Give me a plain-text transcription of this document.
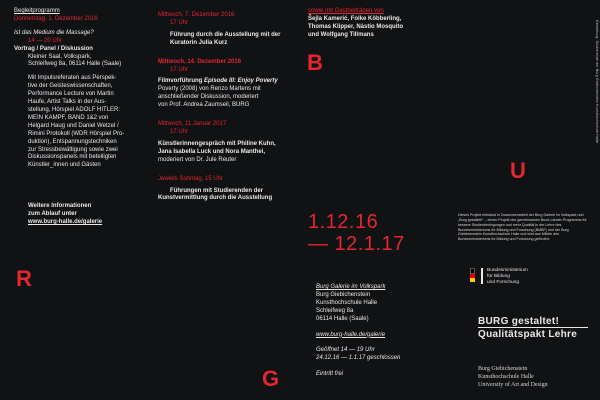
Begleitprogramm
Donnerstag, 1. Dezember 2016
Ist das Medium die Massage?
14 — 20 Uhr
Vortrag / Panel / Diskussion
Kleiner Saal, Volkspark,
Schleifweg 8a, 06114 Halle (Saale)
Mit Impulsreferaten aus Perspek-
tive der Geisteswissenschaften,
Performance Lecture von Martin
Haufe, Artist Talks in der Aus-
stellung, Hörspiel ADOLF HITLER:
MEIN KAMPF, BAND 1&2 von
Helgard Haug und Daniel Wetzel /
Rimini Protokoll (WDR Hörspiel Pro-
duktion), Entspannungstechniken
zur Stressbewältigung sowie zwei
Diskussionspanels mit beteiligten
Künstler_innen und Gästen
Weitere Informationen
zum Ablauf unter
www.burg-halle.de/galerie
Mittwoch, 7. Dezember 2016
17 Uhr
Führung durch die Ausstellung mit der
Kuratorin Julia Kurz
Mittwoch, 14. Dezember 2016
17 Uhr
Filmvorführung Episode III: Enjoy Poverty
Poverty (2008) von Renzo Martens mit
anschließender Diskussion, moderiert
von Prof. Andrea Zaumseil, BURG
Mittwoch, 11.Januar 2017
17 Uhr
Künstlerinnengespräch mit Philine Kuhn,
Jana Isabella Luck und Nora Manthei,
moderiert von Dr. Jule Reuter
Jeweils Sonntag, 15 Uhr
Führungen mit Studierenden der
Kunstvermittlung durch die Ausstellung
sowie mit Gastbeiträgen von
Šejla Kamerić, Folke Köbberling,
Thomas Klipper, Nástio Mosquito
und Wolfgang Tillmans
B
U
R
G
1.12.16
— 12.1.17
Burg Galerie im Volkspark
Burg Giebichenstein
Kunsthochschule Halle
Schleifweg 8a
06114 Halle (Saale)
www.burg-halle.de/galerie
Geöffnet 14 — 19 Uhr
24.12.16 — 1.1.17 geschlossen
Eintritt frei
Dieses Projekt entstand in Zusammenarbeit der Burg Galerie im Volkspark und „Burg gestaltet!“ – einem Projekt des gemeinsamen Bund-Länder-Programms für bessere Studienbedingungen und mehr Qualität in der Lehre des Bundesministeriums für Bildung und Forschung (BMBF) und der Burg Giebichenstein Kunsthochschule Halle und wird aus Mitteln des Bundesministeriums für Bildung und Forschung gefördert.
Bundesministerium
für Bildung
und Forschung
BURG gestaltet!
Qualitätspakt Lehre
Burg Giebichenstein
Kunsthochschule Halle
University of Art and Design
Gestaltung: Studierende der Burg Giebichenstein Kunsthochschule Halle
